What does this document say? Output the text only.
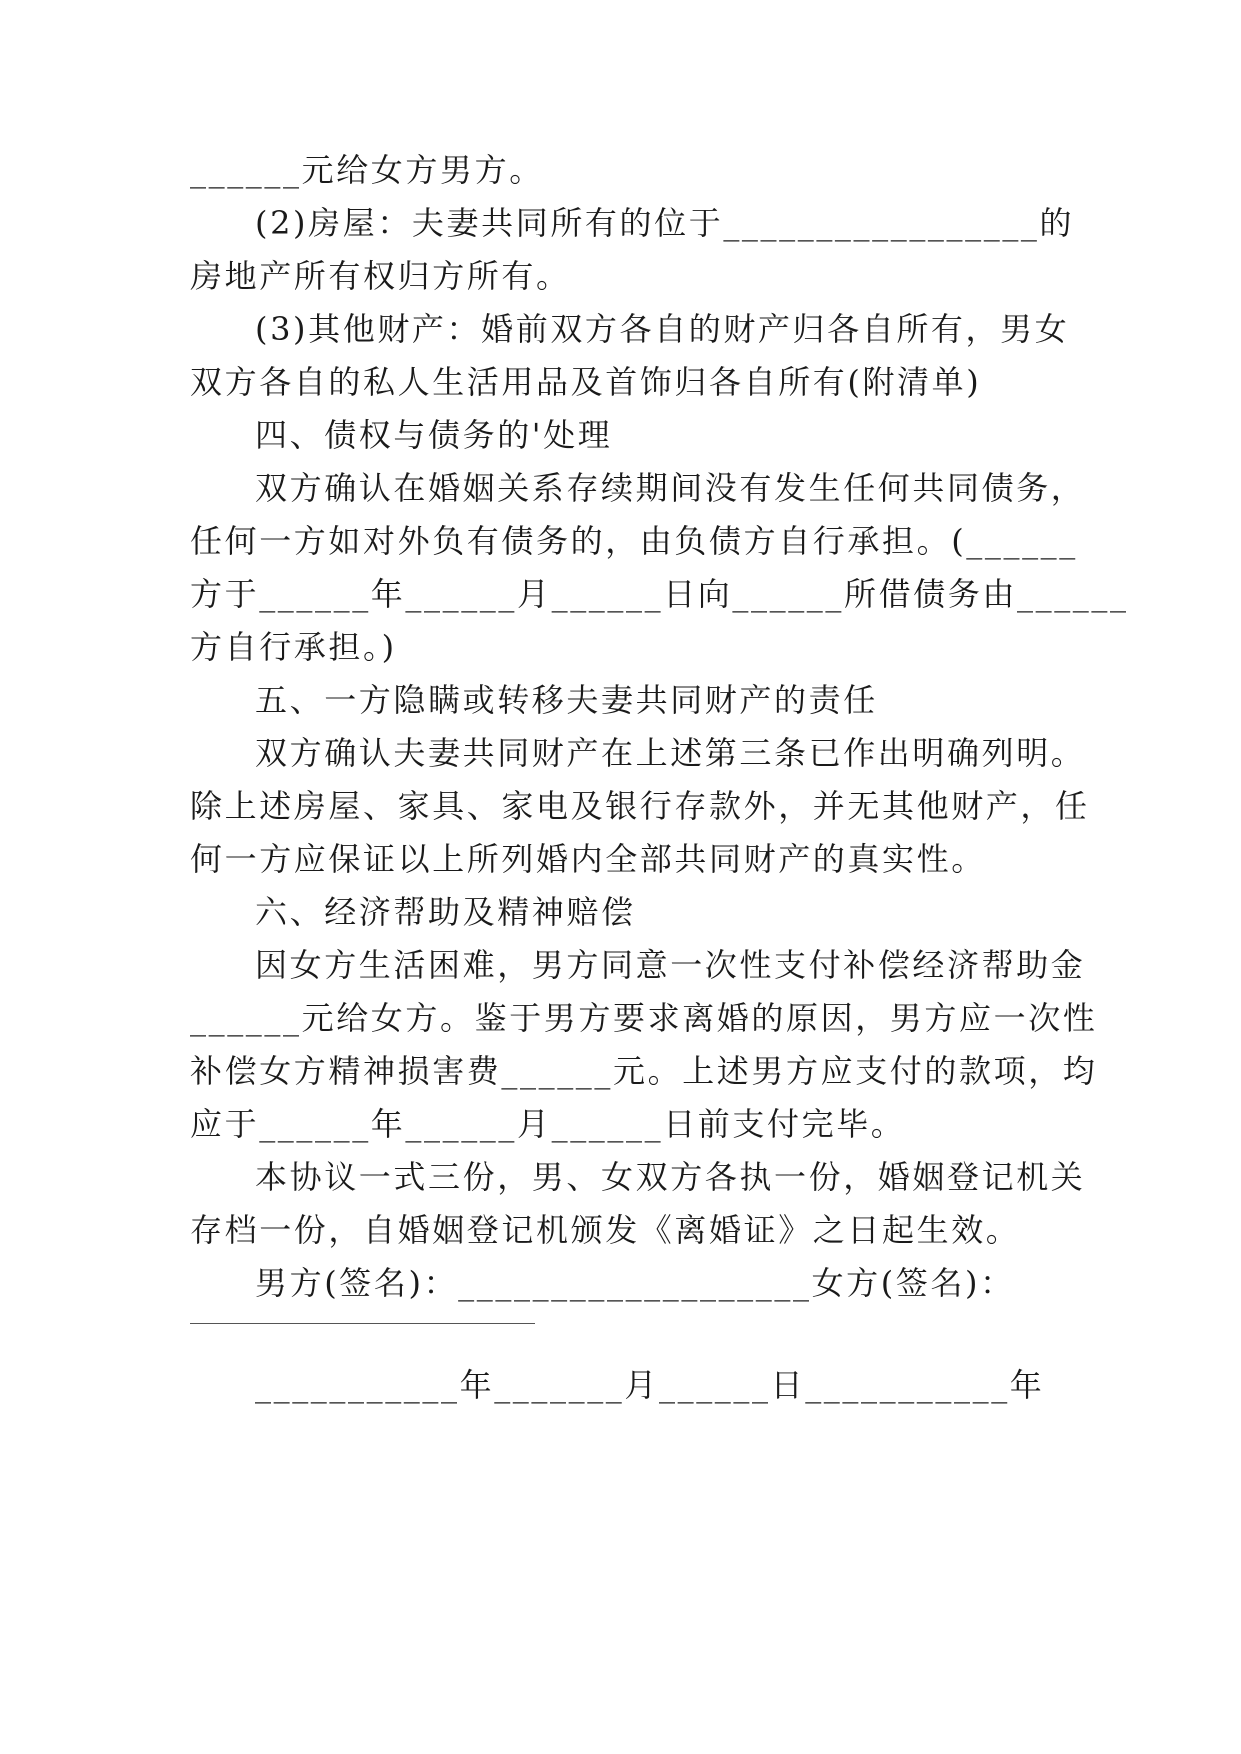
______元给女方男方。
(2)房屋：夫妻共同所有的位于_________________的
房地产所有权归方所有。
(3)其他财产：婚前双方各自的财产归各自所有，男女
双方各自的私人生活用品及首饰归各自所有(附清单)
四、债权与债务的'处理
双方确认在婚姻关系存续期间没有发生任何共同债务，
任何一方如对外负有债务的，由负债方自行承担。(______
方于______年______月______日向______所借债务由______
方自行承担。)
五、一方隐瞒或转移夫妻共同财产的责任
双方确认夫妻共同财产在上述第三条已作出明确列明。
除上述房屋、家具、家电及银行存款外，并无其他财产，任
何一方应保证以上所列婚内全部共同财产的真实性。
六、经济帮助及精神赔偿
因女方生活困难，男方同意一次性支付补偿经济帮助金
______元给女方。鉴于男方要求离婚的原因，男方应一次性
补偿女方精神损害费______元。上述男方应支付的款项，均
应于______年______月______日前支付完毕。
本协议一式三份，男、女双方各执一份，婚姻登记机关
存档一份，自婚姻登记机颁发《离婚证》之日起生效。
男方(签名)：___________________女方(签名)：
___________年_______月______日___________年
